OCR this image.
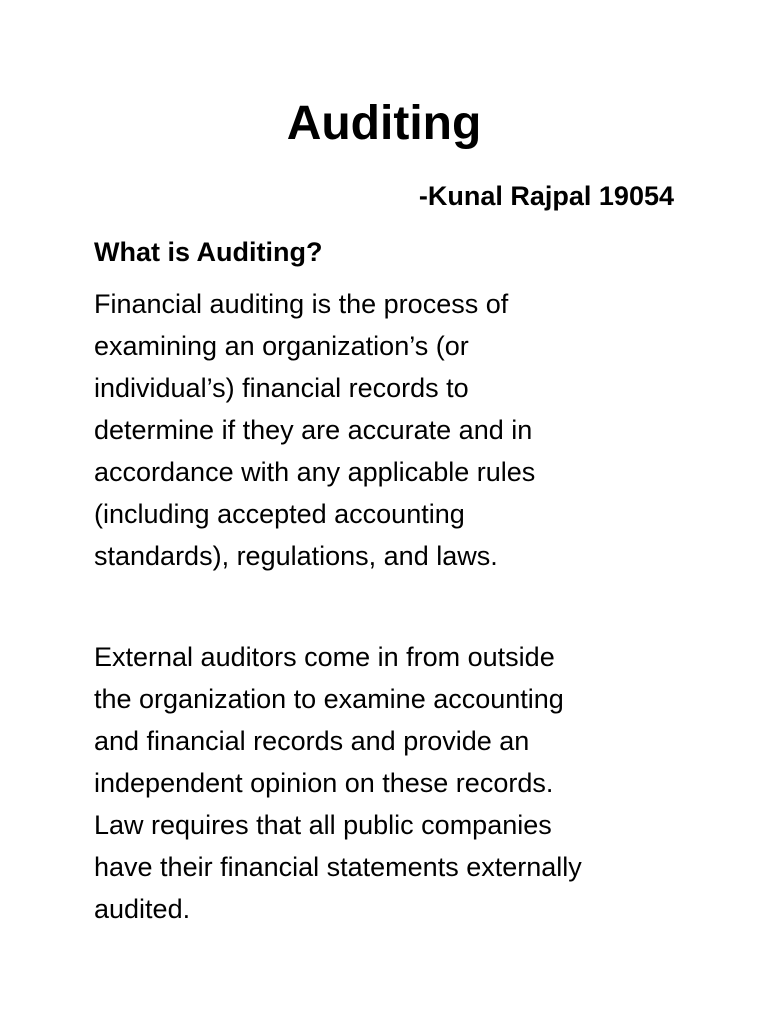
Auditing
-Kunal Rajpal 19054
What is Auditing?

Financial auditing is the process of
examining an organization’s (or
individual’s) financial records to
determine if they are accurate and in
accordance with any applicable rules
(including accepted accounting
standards), regulations, and laws.

External auditors come in from outside
the organization to examine accounting
and financial records and provide an
independent opinion on these records.
Law requires that all public companies
have their financial statements externally
audited.
